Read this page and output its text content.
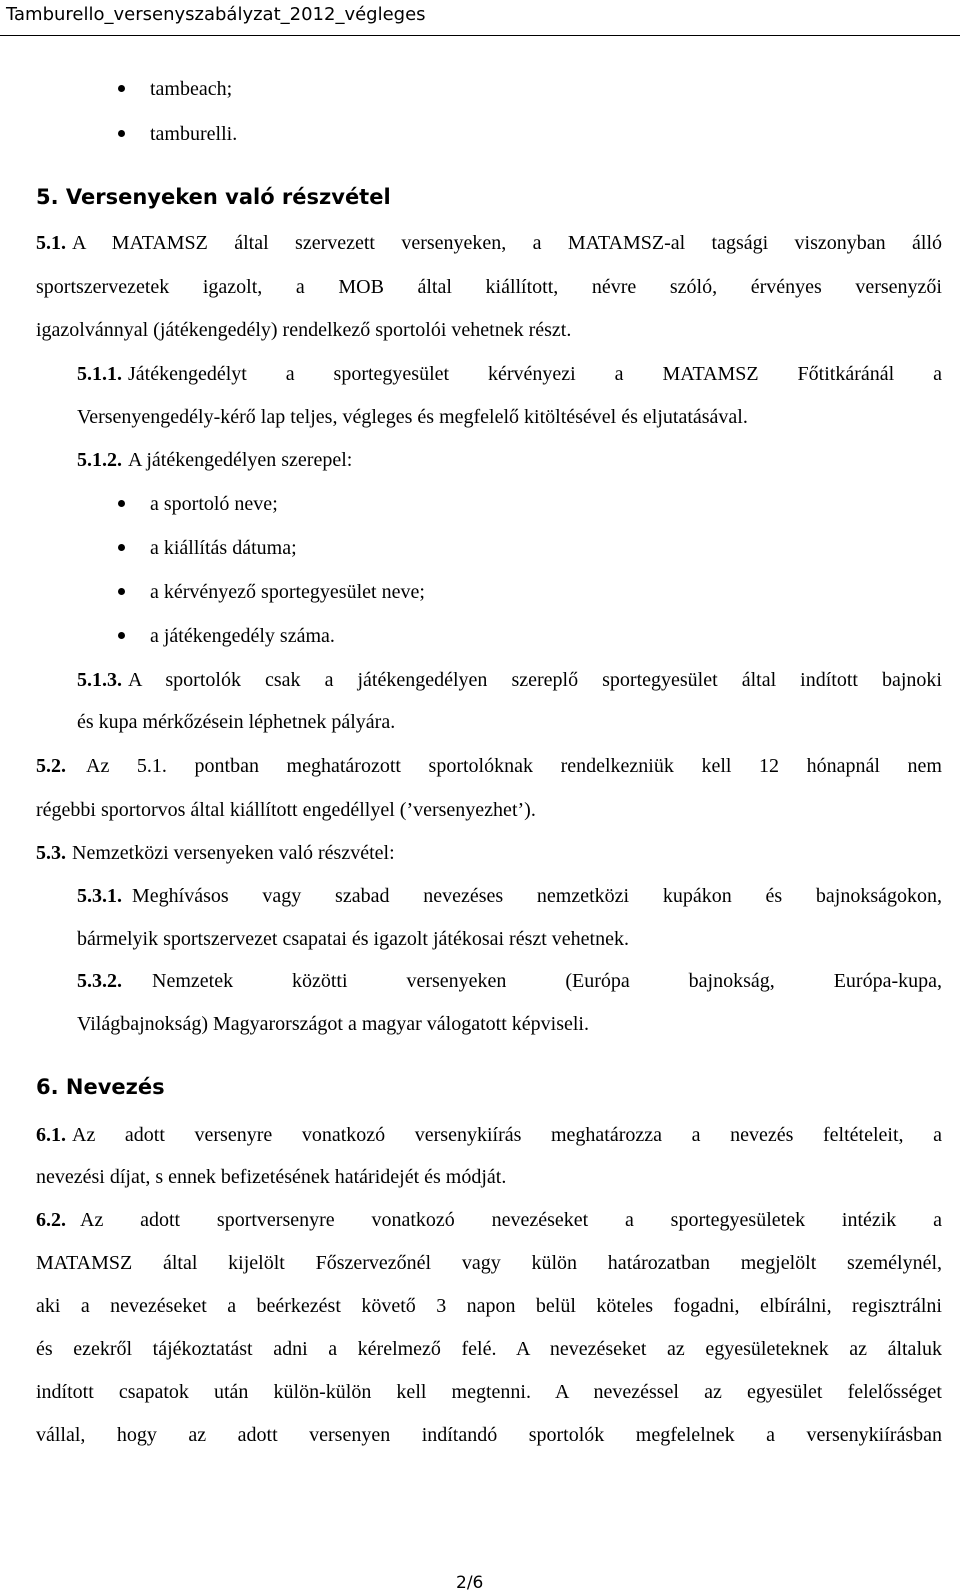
Tamburello_versenyszabályzat_2012_végleges
tambeach;
tamburelli.
5. Versenyeken való részvétel
5.1. A MATAMSZ által szervezett versenyeken, a MATAMSZ-al tagsági viszonyban álló
sportszervezetek igazolt, a MOB által kiállított, névre szóló, érvényes versenyzői
igazolvánnyal (játékengedély) rendelkező sportolói vehetnek részt.
5.1.1. Játékengedélyt a sportegyesület kérvényezi a MATAMSZ Főtitkáránál a
Versenyengedély-kérő lap teljes, végleges és megfelelő kitöltésével és eljutatásával.
5.1.2. A játékengedélyen szerepel:
a sportoló neve;
a kiállítás dátuma;
a kérvényező sportegyesület neve;
a játékengedély száma.
5.1.3. A sportolók csak a játékengedélyen szereplő sportegyesület által indított bajnoki
és kupa mérkőzésein léphetnek pályára.
5.2.	Az 5.1. pontban meghatározott sportolóknak rendelkezniük kell 12 hónapnál nem
régebbi sportorvos által kiállított engedéllyel (’versenyezhet’).
5.3. Nemzetközi versenyeken való részvétel:
5.3.1. Meghívásos vagy szabad nevezéses nemzetközi kupákon és bajnokságokon,
bármelyik sportszervezet csapatai és igazolt játékosai részt vehetnek.
5.3.2.	Nemzetek közötti versenyeken (Európa bajnokság, Európa-kupa,
Világbajnokság) Magyarországot a magyar válogatott képviseli.
6. Nevezés
6.1. Az adott versenyre vonatkozó versenykiírás meghatározza a nevezés feltételeit, a
nevezési díjat, s ennek befizetésének határidejét és módját.
6.2. Az adott sportversenyre vonatkozó nevezéseket a sportegyesületek intézik a
MATAMSZ által kijelölt Főszervezőnél vagy külön határozatban megjelölt személynél,
aki a nevezéseket a beérkezést követő 3 napon belül köteles fogadni, elbírálni, regisztrálni
és ezekről tájékoztatást adni a kérelmező felé. A nevezéseket az egyesületeknek az általuk
indított csapatok után külön-külön kell megtenni. A nevezéssel az egyesület felelősséget
vállal, hogy az adott versenyen indítandó sportolók megfelelnek a versenykiírásban
2/6
